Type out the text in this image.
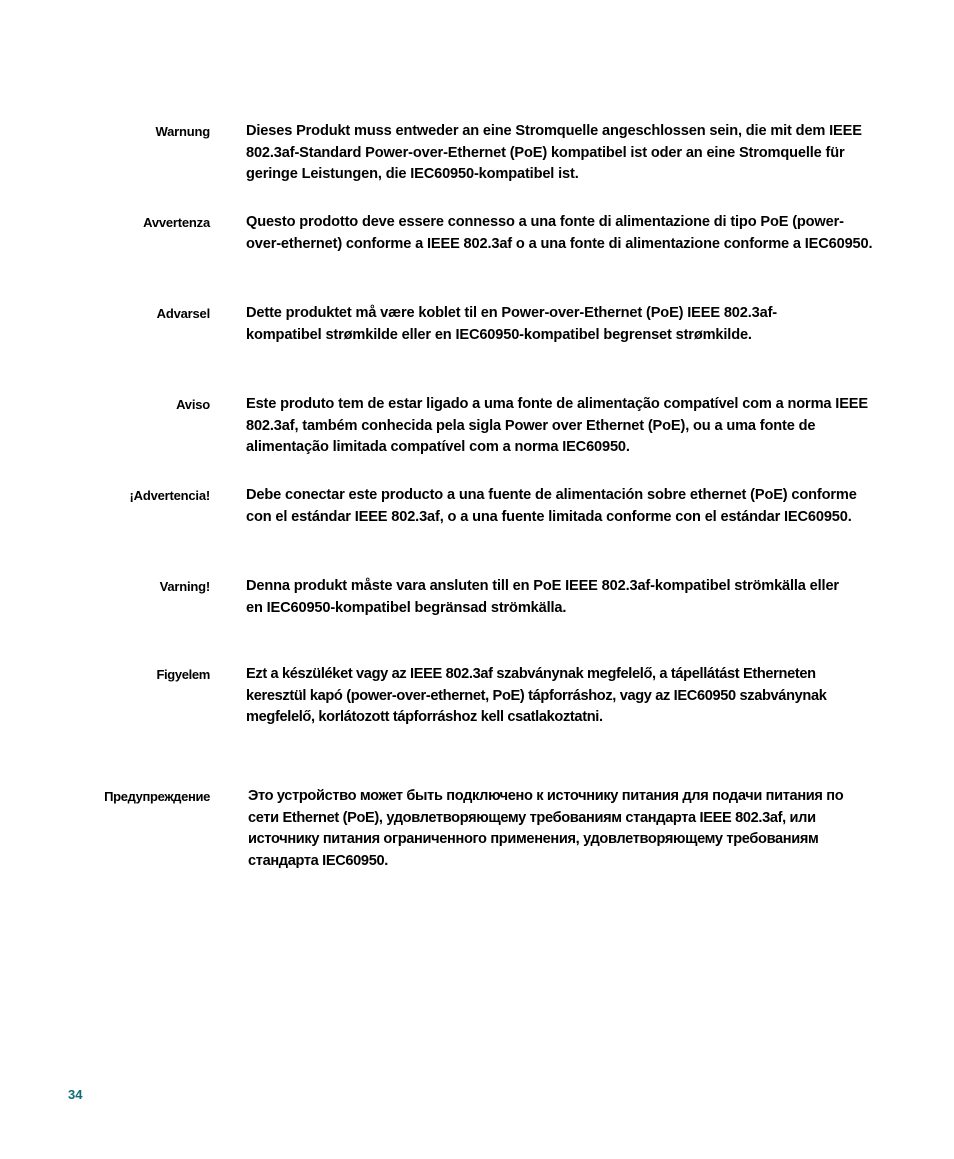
Warnung Dieses Produkt muss entweder an eine Stromquelle angeschlossen sein, die mit dem IEEE 802.3af-Standard Power-over-Ethernet (PoE) kompatibel ist oder an eine Stromquelle für geringe Leistungen, die IEC60950-kompatibel ist.
Avvertenza Questo prodotto deve essere connesso a una fonte di alimentazione di tipo PoE (power-over-ethernet) conforme a IEEE 802.3af o a una fonte di alimentazione conforme a IEC60950.
Advarsel Dette produktet må være koblet til en Power-over-Ethernet (PoE) IEEE 802.3af-kompatibel strømkilde eller en IEC60950-kompatibel begrenset strømkilde.
Aviso Este produto tem de estar ligado a uma fonte de alimentação compatível com a norma IEEE 802.3af, também conhecida pela sigla Power over Ethernet (PoE), ou a uma fonte de alimentação limitada compatível com a norma IEC60950.
¡Advertencia! Debe conectar este producto a una fuente de alimentación sobre ethernet (PoE) conforme con el estándar IEEE 802.3af, o a una fuente limitada conforme con el estándar IEC60950.
Varning! Denna produkt måste vara ansluten till en PoE IEEE 802.3af-kompatibel strömkälla eller en IEC60950-kompatibel begränsad strömkälla.
Figyelem Ezt a készüléket vagy az IEEE 802.3af szabványnak megfelelő, a tápellátást Etherneten keresztül kapó (power-over-ethernet, PoE) tápforráshoz, vagy az IEC60950 szabványnak megfelelő, korlátozott tápforráshoz kell csatlakoztatni.
Предупреждение	Это устройство может быть подключено к источнику питания для подачи питания по сети Ethernet (PoE), удовлетворяющему требованиям стандарта IEEE 802.3af, или источнику питания ограниченного применения, удовлетворяющему требованиям стандарта IEC60950.
34
